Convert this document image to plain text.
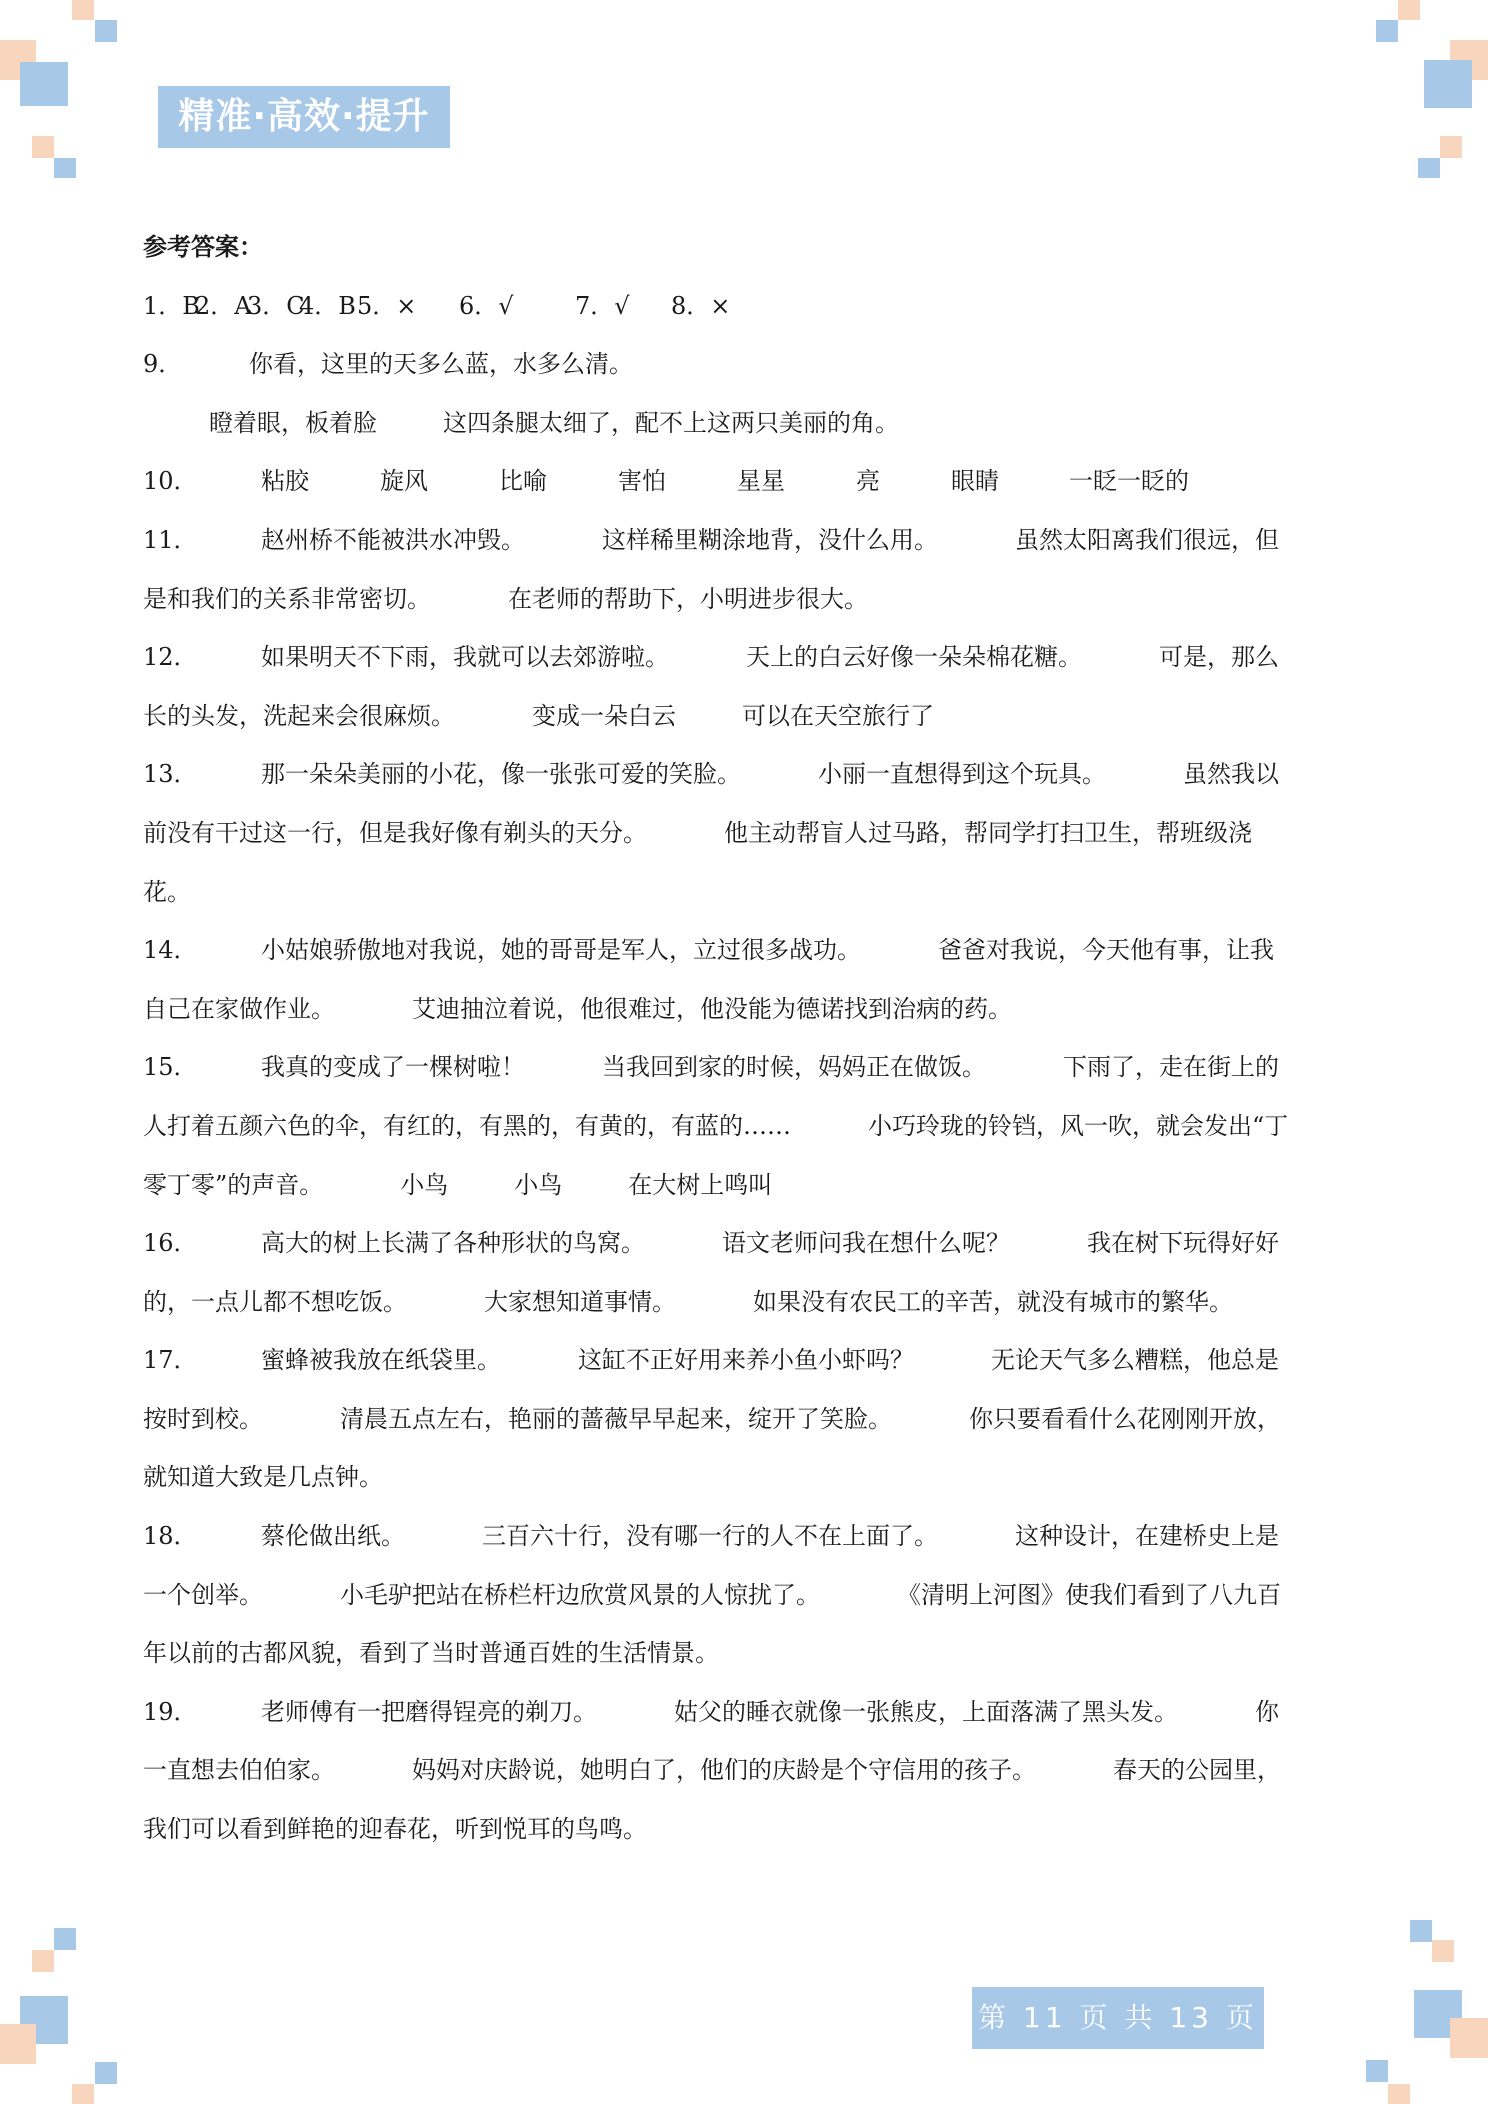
精准·高效·提升
参考答案：
1．B2．A3．C4．B5．× 6．√	7．√ 8．×
9．	你看，这里的天多么蓝，水多么清。
瞪着眼，板着脸	这四条腿太细了，配不上这两只美丽的角。
10．	粘胶	旋风	比喻	害怕	星星	亮	眼睛	一眨一眨的
11．	赵州桥不能被洪水冲毁。	这样稀里糊涂地背，没什么用。	虽然太阳离我们很远，但
是和我们的关系非常密切。	在老师的帮助下，小明进步很大。
12．	如果明天不下雨，我就可以去郊游啦。	天上的白云好像一朵朵棉花糖。	可是，那么
长的头发，洗起来会很麻烦。	变成一朵白云	可以在天空旅行了
13．	那一朵朵美丽的小花，像一张张可爱的笑脸。	小丽一直想得到这个玩具。	虽然我以
前没有干过这一行，但是我好像有剃头的天分。	他主动帮盲人过马路，帮同学打扫卫生，帮班级浇
花。
14．	小姑娘骄傲地对我说，她的哥哥是军人，立过很多战功。	爸爸对我说，今天他有事，让我
自己在家做作业。	艾迪抽泣着说，他很难过，他没能为德诺找到治病的药。
15．	我真的变成了一棵树啦！	当我回到家的时候，妈妈正在做饭。	下雨了，走在街上的
人打着五颜六色的伞，有红的，有黑的，有黄的，有蓝的……	小巧玲珑的铃铛，风一吹，就会发出“丁
零丁零”的声音。	小鸟	小鸟	在大树上鸣叫
16．	高大的树上长满了各种形状的鸟窝。	语文老师问我在想什么呢？	我在树下玩得好好
的，一点儿都不想吃饭。	大家想知道事情。	如果没有农民工的辛苦，就没有城市的繁华。
17．	蜜蜂被我放在纸袋里。	这缸不正好用来养小鱼小虾吗？	无论天气多么糟糕，他总是
按时到校。	清晨五点左右，艳丽的蔷薇早早起来，绽开了笑脸。	你只要看看什么花刚刚开放，
就知道大致是几点钟。
18．	蔡伦做出纸。	三百六十行，没有哪一行的人不在上面了。	这种设计，在建桥史上是
一个创举。	小毛驴把站在桥栏杆边欣赏风景的人惊扰了。	《清明上河图》使我们看到了八九百
年以前的古都风貌，看到了当时普通百姓的生活情景。
19．	老师傅有一把磨得锃亮的剃刀。	姑父的睡衣就像一张熊皮，上面落满了黑头发。	你
一直想去伯伯家。	妈妈对庆龄说，她明白了，他们的庆龄是个守信用的孩子。	春天的公园里，
我们可以看到鲜艳的迎春花，听到悦耳的鸟鸣。
第 11 页 共 13 页
